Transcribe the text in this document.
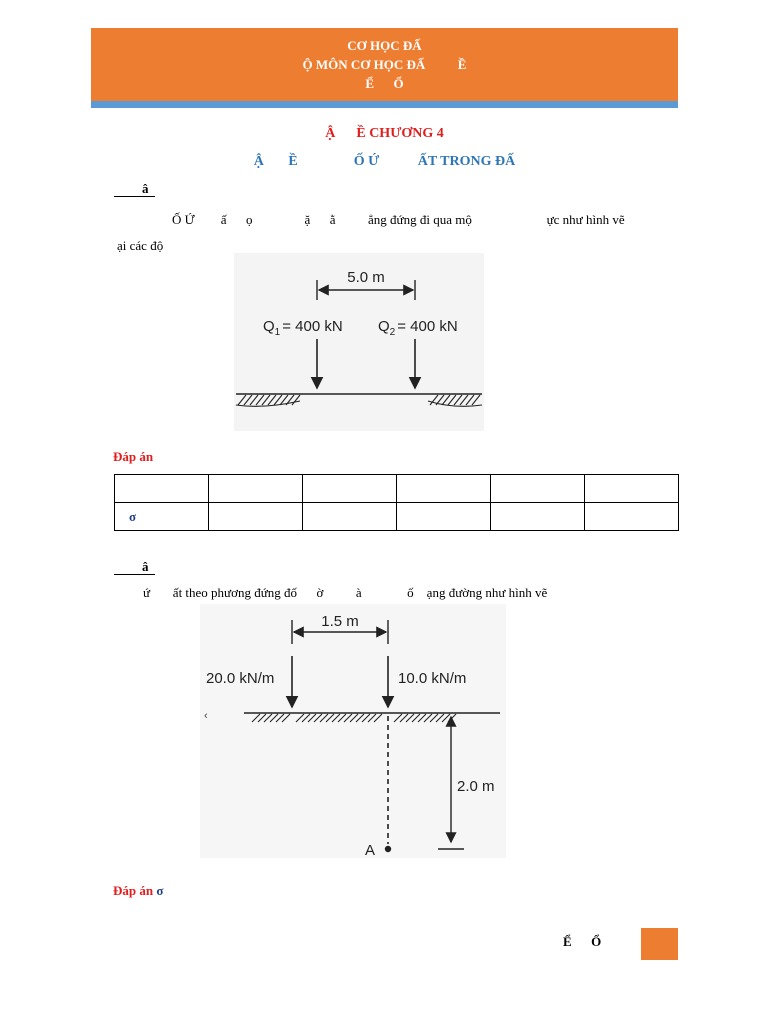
CƠ HỌC ĐẤ
Ộ MÔN CƠ HỌC ĐẤ          Ề
Ể      Ổ
Ậ      Ề CHƯƠNG 4
Ậ       Ề                Ố Ứ           ẤT TRONG ĐẤ
â
Ố Ứ        ấ      ọ                ặ      ằ          ẳng đứng đi qua mộ                       ực như hình vẽ
ại các độ
5.0 m
$Q_1 = 400$ kN $Q_2 = 400$ kN
Đáp án

σ					
â
ứ       ất theo phương đứng đố      ờ          à              ố    ạng đường như hình vẽ
1.5 m
20.0 kN/m	10.0 kN/m
‹
A
2.0 m
Đáp án σ
Ể      Ổ
